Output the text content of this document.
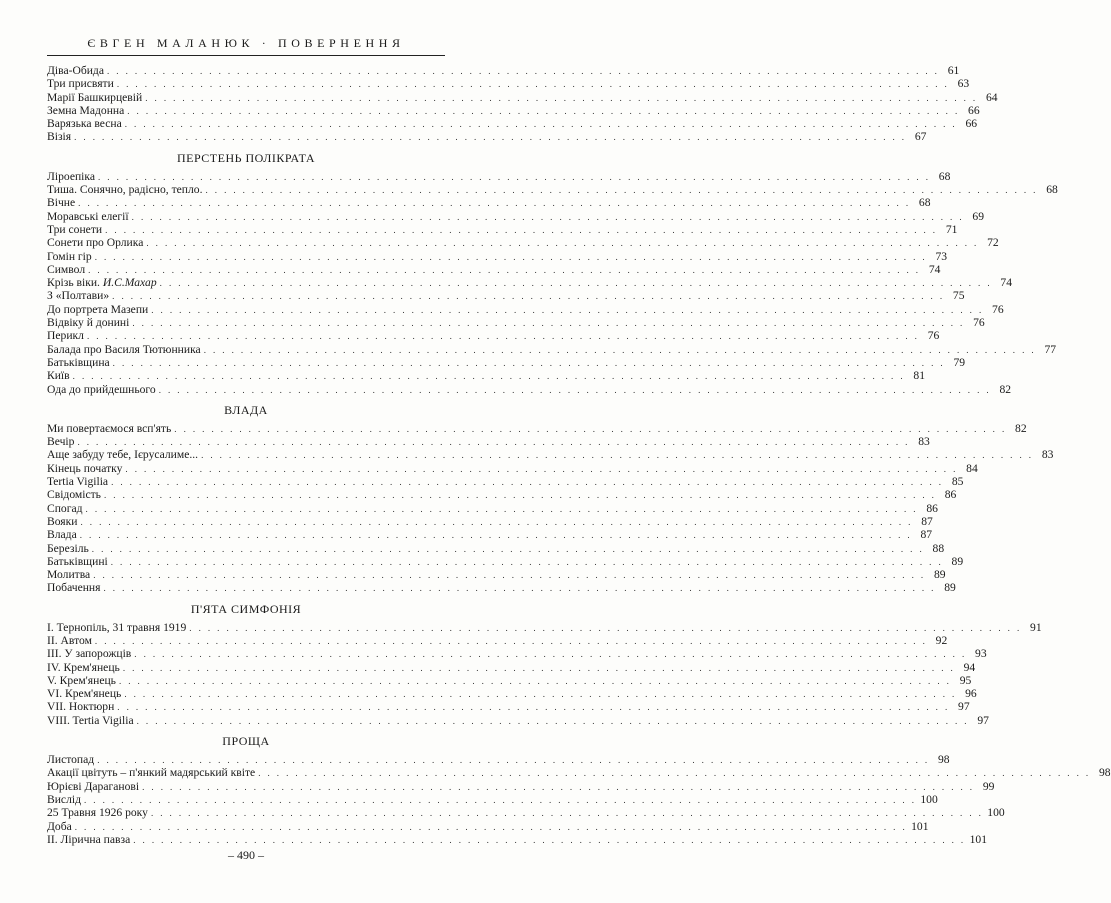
ЄВГЕН МАЛАНЮК · ПОВЕРНЕННЯ
Діва-Обида . . . . . . . . . . . . . . . . . . . . . . . . . . . . . . . . . . . . . . . . . . . . . . . . . . . . . . . . . . . . . . . . . . . . . . . . . . . . . . . . . . . . . . . . . . 61
Три присвяти . . . . . . . . . . . . . . . . . . . . . . . . . . . . . . . . . . . . . . . . . . . . . . . . . . . . . . . . . . . . . . . . . . . . . . . . . . . . . . . . . . . . . . . . . . 63
Марії Башкирцевій . . . . . . . . . . . . . . . . . . . . . . . . . . . . . . . . . . . . . . . . . . . . . . . . . . . . . . . . . . . . . . . . . . . . . . . . . . . . . . . . . . . . . . . . . . 64
Земна Мадонна . . . . . . . . . . . . . . . . . . . . . . . . . . . . . . . . . . . . . . . . . . . . . . . . . . . . . . . . . . . . . . . . . . . . . . . . . . . . . . . . . . . . . . . . . . 66
Варязька весна . . . . . . . . . . . . . . . . . . . . . . . . . . . . . . . . . . . . . . . . . . . . . . . . . . . . . . . . . . . . . . . . . . . . . . . . . . . . . . . . . . . . . . . . . . 66
Візія . . . . . . . . . . . . . . . . . . . . . . . . . . . . . . . . . . . . . . . . . . . . . . . . . . . . . . . . . . . . . . . . . . . . . . . . . . . . . . . . . . . . . . . . . . 67
ПЕРСТЕНЬ ПОЛІКРАТА
Ліроепіка . . . . . . . . . . . . . . . . . . . . . . . . . . . . . . . . . . . . . . . . . . . . . . . . . . . . . . . . . . . . . . . . . . . . . . . . . . . . . . . . . . . . . . . . . . 68
Тиша. Сонячно, радісно, тепло. . . . . . . . . . . . . . . . . . . . . . . . . . . . . . . . . . . . . . . . . . . . . . . . . . . . . . . . . . . . . . . . . . . . . . . . . . . . . . . . . . . . . . . . . . . 68
Вічне . . . . . . . . . . . . . . . . . . . . . . . . . . . . . . . . . . . . . . . . . . . . . . . . . . . . . . . . . . . . . . . . . . . . . . . . . . . . . . . . . . . . . . . . . . 68
Моравські елегії . . . . . . . . . . . . . . . . . . . . . . . . . . . . . . . . . . . . . . . . . . . . . . . . . . . . . . . . . . . . . . . . . . . . . . . . . . . . . . . . . . . . . . . . . . 69
Три сонети . . . . . . . . . . . . . . . . . . . . . . . . . . . . . . . . . . . . . . . . . . . . . . . . . . . . . . . . . . . . . . . . . . . . . . . . . . . . . . . . . . . . . . . . . . 71
Сонети про Орлика . . . . . . . . . . . . . . . . . . . . . . . . . . . . . . . . . . . . . . . . . . . . . . . . . . . . . . . . . . . . . . . . . . . . . . . . . . . . . . . . . . . . . . . . . . 72
Гомін гір . . . . . . . . . . . . . . . . . . . . . . . . . . . . . . . . . . . . . . . . . . . . . . . . . . . . . . . . . . . . . . . . . . . . . . . . . . . . . . . . . . . . . . . . . . 73
Символ . . . . . . . . . . . . . . . . . . . . . . . . . . . . . . . . . . . . . . . . . . . . . . . . . . . . . . . . . . . . . . . . . . . . . . . . . . . . . . . . . . . . . . . . . . 74
Крізь віки. И.С.Махар . . . . . . . . . . . . . . . . . . . . . . . . . . . . . . . . . . . . . . . . . . . . . . . . . . . . . . . . . . . . . . . . . . . . . . . . . . . . . . . . . . . . . . . . . . 74
З «Полтави» . . . . . . . . . . . . . . . . . . . . . . . . . . . . . . . . . . . . . . . . . . . . . . . . . . . . . . . . . . . . . . . . . . . . . . . . . . . . . . . . . . . . . . . . . . 75
До портрета Мазепи . . . . . . . . . . . . . . . . . . . . . . . . . . . . . . . . . . . . . . . . . . . . . . . . . . . . . . . . . . . . . . . . . . . . . . . . . . . . . . . . . . . . . . . . . . 76
Відвіку й донині . . . . . . . . . . . . . . . . . . . . . . . . . . . . . . . . . . . . . . . . . . . . . . . . . . . . . . . . . . . . . . . . . . . . . . . . . . . . . . . . . . . . . . . . . . 76
Перикл . . . . . . . . . . . . . . . . . . . . . . . . . . . . . . . . . . . . . . . . . . . . . . . . . . . . . . . . . . . . . . . . . . . . . . . . . . . . . . . . . . . . . . . . . . 76
Балада про Василя Тютюнника . . . . . . . . . . . . . . . . . . . . . . . . . . . . . . . . . . . . . . . . . . . . . . . . . . . . . . . . . . . . . . . . . . . . . . . . . . . . . . . . . . . . . . . . . . 77
Батьківщина . . . . . . . . . . . . . . . . . . . . . . . . . . . . . . . . . . . . . . . . . . . . . . . . . . . . . . . . . . . . . . . . . . . . . . . . . . . . . . . . . . . . . . . . . . 79
Київ . . . . . . . . . . . . . . . . . . . . . . . . . . . . . . . . . . . . . . . . . . . . . . . . . . . . . . . . . . . . . . . . . . . . . . . . . . . . . . . . . . . . . . . . . . 81
Ода до прийдешнього . . . . . . . . . . . . . . . . . . . . . . . . . . . . . . . . . . . . . . . . . . . . . . . . . . . . . . . . . . . . . . . . . . . . . . . . . . . . . . . . . . . . . . . . . . 82
ВЛАДА
Ми повертаємося всп'ять . . . . . . . . . . . . . . . . . . . . . . . . . . . . . . . . . . . . . . . . . . . . . . . . . . . . . . . . . . . . . . . . . . . . . . . . . . . . . . . . . . . . . . . . . . 82
Вечір . . . . . . . . . . . . . . . . . . . . . . . . . . . . . . . . . . . . . . . . . . . . . . . . . . . . . . . . . . . . . . . . . . . . . . . . . . . . . . . . . . . . . . . . . . 83
Аще забуду тебе, Ієрусалиме... . . . . . . . . . . . . . . . . . . . . . . . . . . . . . . . . . . . . . . . . . . . . . . . . . . . . . . . . . . . . . . . . . . . . . . . . . . . . . . . . . . . . . . . . . . 83
Кінець початку . . . . . . . . . . . . . . . . . . . . . . . . . . . . . . . . . . . . . . . . . . . . . . . . . . . . . . . . . . . . . . . . . . . . . . . . . . . . . . . . . . . . . . . . . . 84
Tertia Vigilia . . . . . . . . . . . . . . . . . . . . . . . . . . . . . . . . . . . . . . . . . . . . . . . . . . . . . . . . . . . . . . . . . . . . . . . . . . . . . . . . . . . . . . . . . . 85
Свідомість . . . . . . . . . . . . . . . . . . . . . . . . . . . . . . . . . . . . . . . . . . . . . . . . . . . . . . . . . . . . . . . . . . . . . . . . . . . . . . . . . . . . . . . . . . 86
Спогад . . . . . . . . . . . . . . . . . . . . . . . . . . . . . . . . . . . . . . . . . . . . . . . . . . . . . . . . . . . . . . . . . . . . . . . . . . . . . . . . . . . . . . . . . . 86
Вояки . . . . . . . . . . . . . . . . . . . . . . . . . . . . . . . . . . . . . . . . . . . . . . . . . . . . . . . . . . . . . . . . . . . . . . . . . . . . . . . . . . . . . . . . . . 87
Влада . . . . . . . . . . . . . . . . . . . . . . . . . . . . . . . . . . . . . . . . . . . . . . . . . . . . . . . . . . . . . . . . . . . . . . . . . . . . . . . . . . . . . . . . . . 87
Березіль . . . . . . . . . . . . . . . . . . . . . . . . . . . . . . . . . . . . . . . . . . . . . . . . . . . . . . . . . . . . . . . . . . . . . . . . . . . . . . . . . . . . . . . . . . 88
Батьківщині . . . . . . . . . . . . . . . . . . . . . . . . . . . . . . . . . . . . . . . . . . . . . . . . . . . . . . . . . . . . . . . . . . . . . . . . . . . . . . . . . . . . . . . . . . 89
Молитва . . . . . . . . . . . . . . . . . . . . . . . . . . . . . . . . . . . . . . . . . . . . . . . . . . . . . . . . . . . . . . . . . . . . . . . . . . . . . . . . . . . . . . . . . . 89
Побачення . . . . . . . . . . . . . . . . . . . . . . . . . . . . . . . . . . . . . . . . . . . . . . . . . . . . . . . . . . . . . . . . . . . . . . . . . . . . . . . . . . . . . . . . . . 89
П'ЯТА СИМФОНІЯ
I. Тернопіль, 31 травня 1919 . . . . . . . . . . . . . . . . . . . . . . . . . . . . . . . . . . . . . . . . . . . . . . . . . . . . . . . . . . . . . . . . . . . . . . . . . . . . . . . . . . . . . . . . . . 91
II. Автом . . . . . . . . . . . . . . . . . . . . . . . . . . . . . . . . . . . . . . . . . . . . . . . . . . . . . . . . . . . . . . . . . . . . . . . . . . . . . . . . . . . . . . . . . . 92
III. У запорожців . . . . . . . . . . . . . . . . . . . . . . . . . . . . . . . . . . . . . . . . . . . . . . . . . . . . . . . . . . . . . . . . . . . . . . . . . . . . . . . . . . . . . . . . . . 93
IV. Крем'янець . . . . . . . . . . . . . . . . . . . . . . . . . . . . . . . . . . . . . . . . . . . . . . . . . . . . . . . . . . . . . . . . . . . . . . . . . . . . . . . . . . . . . . . . . . 94
V. Крем'янець . . . . . . . . . . . . . . . . . . . . . . . . . . . . . . . . . . . . . . . . . . . . . . . . . . . . . . . . . . . . . . . . . . . . . . . . . . . . . . . . . . . . . . . . . . 95
VI. Крем'янець . . . . . . . . . . . . . . . . . . . . . . . . . . . . . . . . . . . . . . . . . . . . . . . . . . . . . . . . . . . . . . . . . . . . . . . . . . . . . . . . . . . . . . . . . . 96
VII. Ноктюрн . . . . . . . . . . . . . . . . . . . . . . . . . . . . . . . . . . . . . . . . . . . . . . . . . . . . . . . . . . . . . . . . . . . . . . . . . . . . . . . . . . . . . . . . . . 97
VIII. Tertia Vigilia . . . . . . . . . . . . . . . . . . . . . . . . . . . . . . . . . . . . . . . . . . . . . . . . . . . . . . . . . . . . . . . . . . . . . . . . . . . . . . . . . . . . . . . . . . 97
ПРОЩА
Листопад . . . . . . . . . . . . . . . . . . . . . . . . . . . . . . . . . . . . . . . . . . . . . . . . . . . . . . . . . . . . . . . . . . . . . . . . . . . . . . . . . . . . . . . . . . 98
Акації цвітуть – п'янкий мадярський квіте . . . . . . . . . . . . . . . . . . . . . . . . . . . . . . . . . . . . . . . . . . . . . . . . . . . . . . . . . . . . . . . . . . . . . . . . . . . . . . . . . . . . . . . . . . 98
Юрієві Дарагановi . . . . . . . . . . . . . . . . . . . . . . . . . . . . . . . . . . . . . . . . . . . . . . . . . . . . . . . . . . . . . . . . . . . . . . . . . . . . . . . . . . . . . . . . . . 99
Вислід . . . . . . . . . . . . . . . . . . . . . . . . . . . . . . . . . . . . . . . . . . . . . . . . . . . . . . . . . . . . . . . . . . . . . . . . . . . . . . . . . . . . . . . . . . 100
25 Травня 1926 року . . . . . . . . . . . . . . . . . . . . . . . . . . . . . . . . . . . . . . . . . . . . . . . . . . . . . . . . . . . . . . . . . . . . . . . . . . . . . . . . . . . . . . . . . . 100
Доба . . . . . . . . . . . . . . . . . . . . . . . . . . . . . . . . . . . . . . . . . . . . . . . . . . . . . . . . . . . . . . . . . . . . . . . . . . . . . . . . . . . . . . . . . . 101
II. Лірична павза . . . . . . . . . . . . . . . . . . . . . . . . . . . . . . . . . . . . . . . . . . . . . . . . . . . . . . . . . . . . . . . . . . . . . . . . . . . . . . . . . . . . . . . . . . 101
– 490 –
